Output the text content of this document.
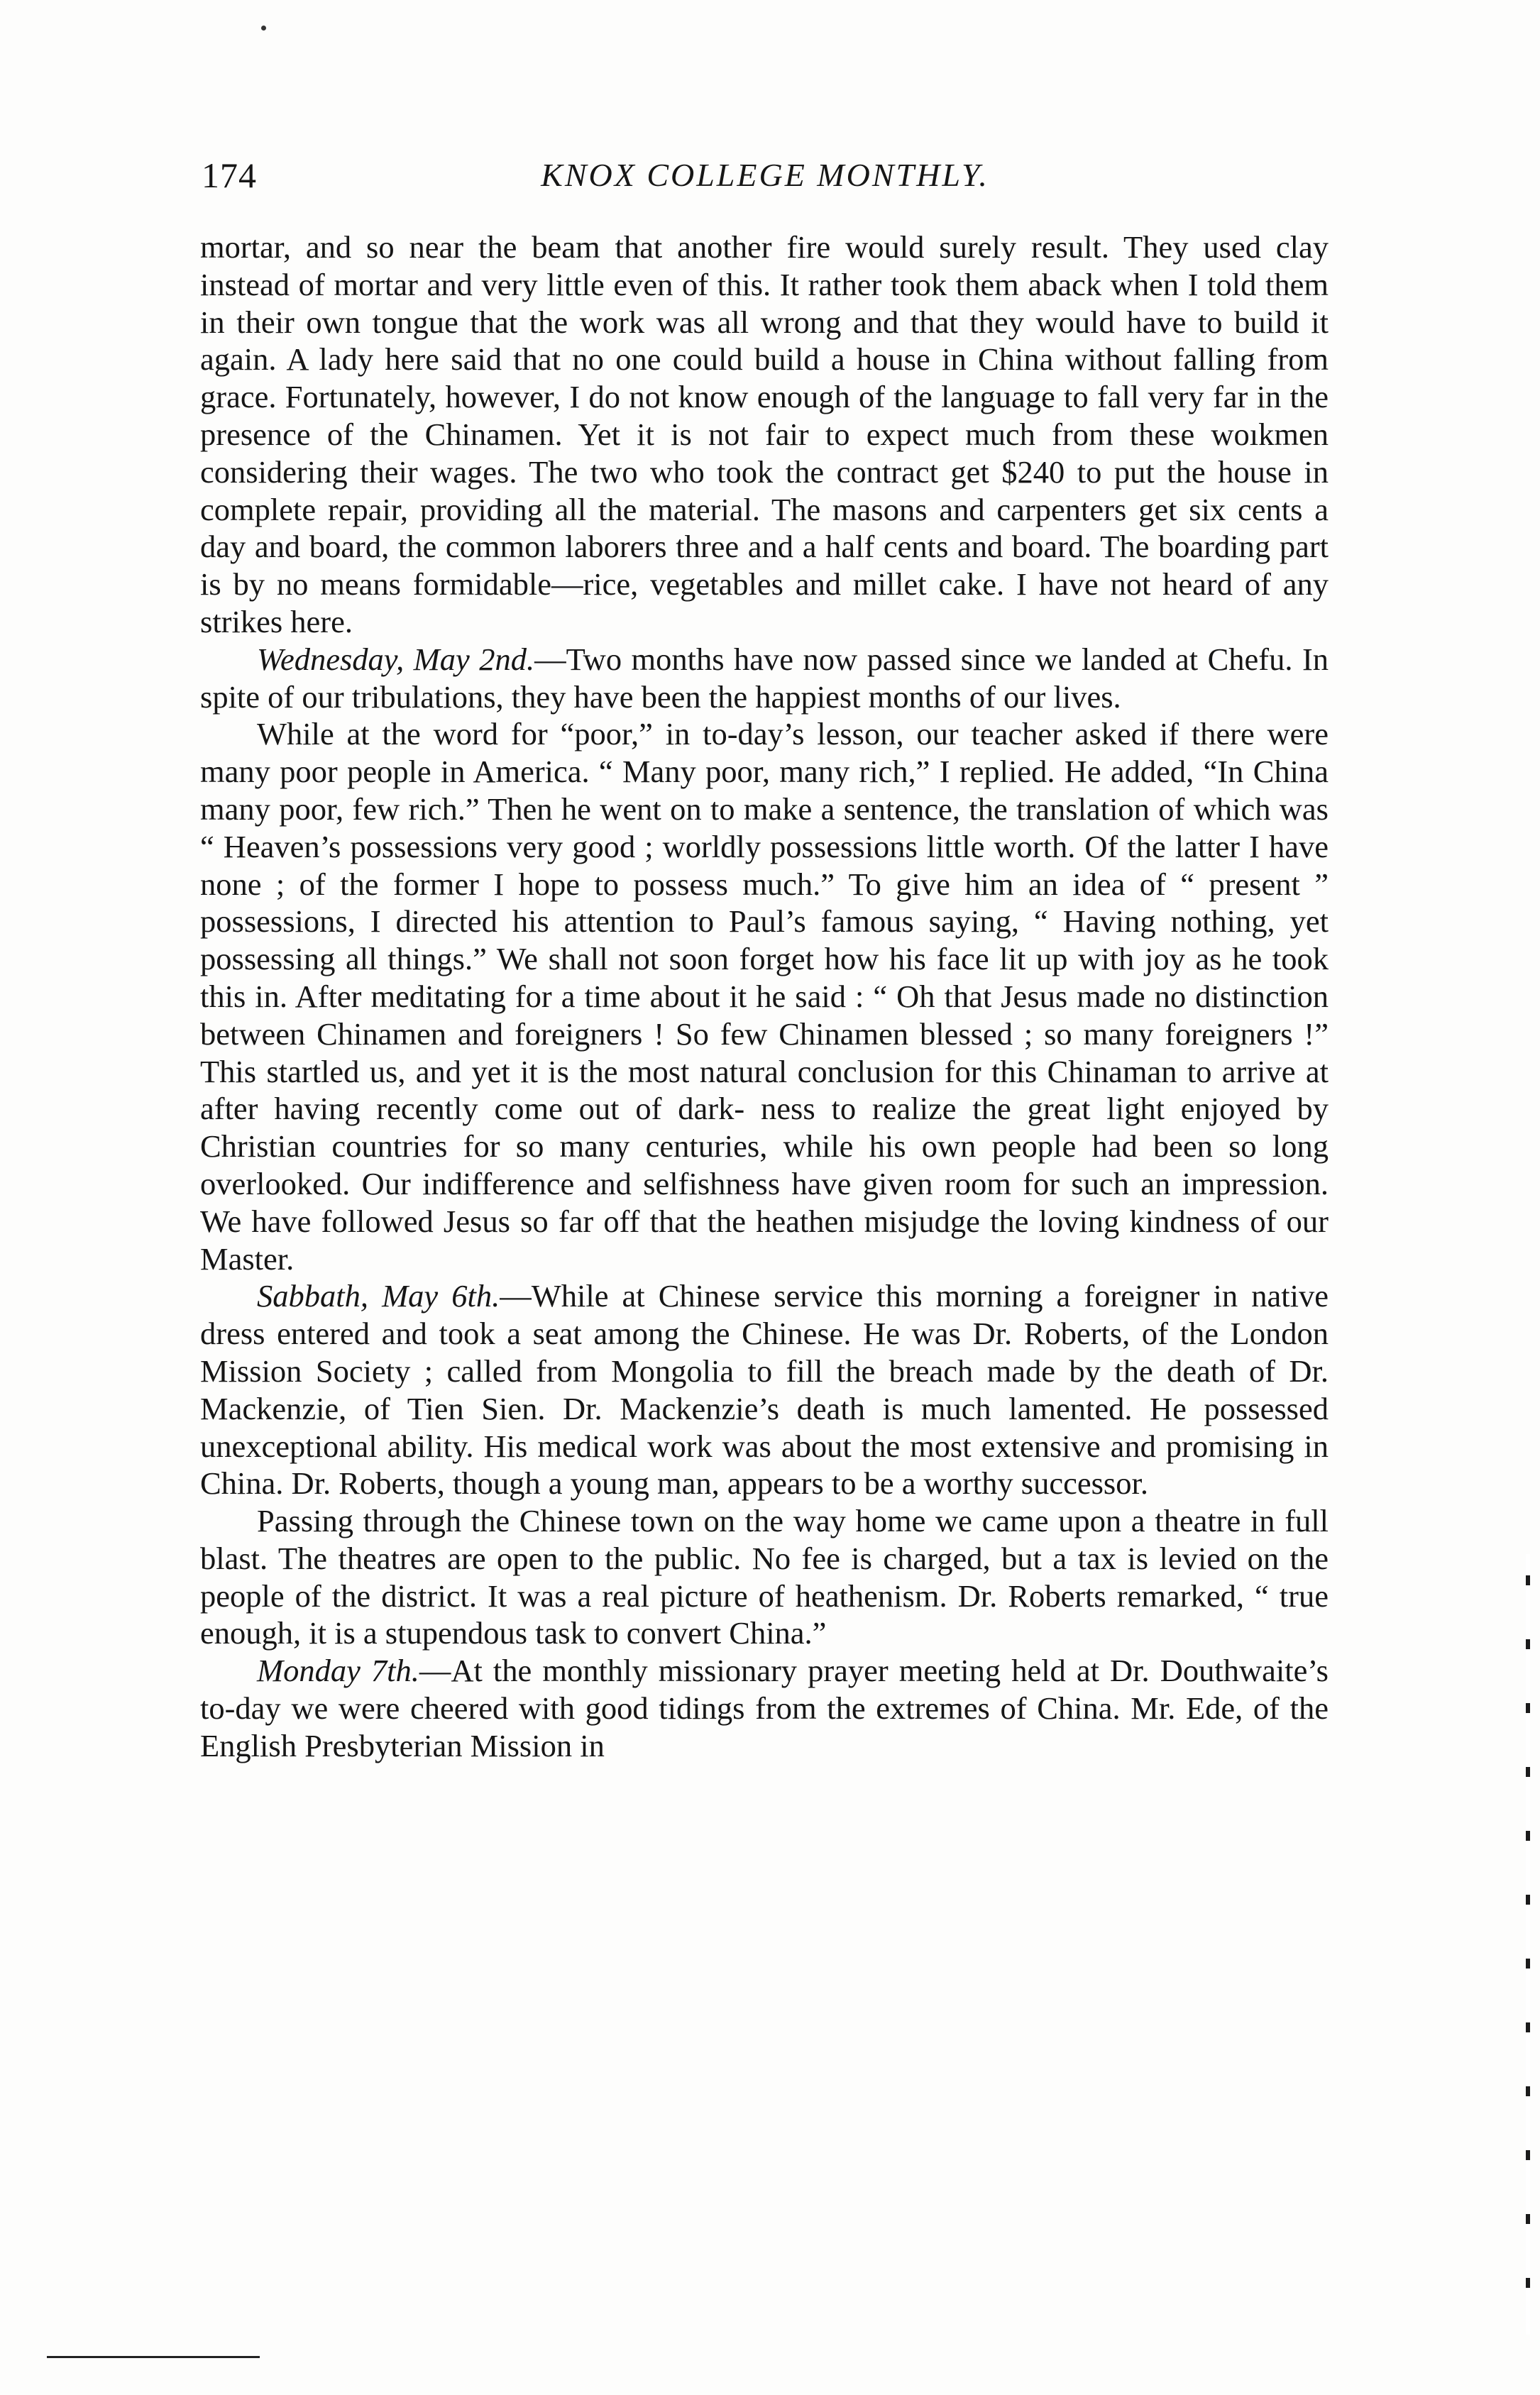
174	KNOX COLLEGE MONTHLY.

mortar, and so near the beam that another fire would surely result. They used clay instead of mortar and very little even of this. It rather took them aback when I told them in their own tongue that the work was all wrong and that they would have to build it again. A lady here said that no one could build a house in China without falling from grace. Fortunately, however, I do not know enough of the language to fall very far in the presence of the Chinamen. Yet it is not fair to expect much from these woıkmen considering their wages. The two who took the contract get $240 to put the house in complete repair, providing all the material. The masons and carpenters get six cents a day and board, the common laborers three and a half cents and board. The boarding part is by no means formidable—rice, vegetables and millet cake. I have not heard of any strikes here.

Wednesday, May 2nd.—Two months have now passed since we landed at Chefu. In spite of our tribulations, they have been the happiest months of our lives.

While at the word for “poor,” in to-day’s lesson, our teacher asked if there were many poor people in America. “ Many poor, many rich,” I replied. He added, “In China many poor, few rich.” Then he went on to make a sentence, the translation of which was “ Heaven’s possessions very good ; worldly possessions little worth. Of the latter I have none ; of the former I hope to possess much.” To give him an idea of “ present ” possessions, I directed his attention to Paul’s famous saying, “ Having nothing, yet possessing all things.” We shall not soon forget how his face lit up with joy as he took this in. After meditating for a time about it he said : “ Oh that Jesus made no distinction between Chinamen and foreigners ! So few Chinamen blessed ; so many foreigners !” This startled us, and yet it is the most natural conclusion for this Chinaman to arrive at after having recently come out of dark- ness to realize the great light enjoyed by Christian countries for so many centuries, while his own people had been so long overlooked. Our indifference and selfishness have given room for such an impression. We have followed Jesus so far off that the heathen misjudge the loving kindness of our Master.

Sabbath, May 6th.—While at Chinese service this morning a foreigner in native dress entered and took a seat among the Chinese. He was Dr. Roberts, of the London Mission Society ; called from Mongolia to fill the breach made by the death of Dr. Mackenzie, of Tien Sien. Dr. Mackenzie’s death is much lamented. He possessed unexceptional ability. His medical work was about the most extensive and promising in China. Dr. Roberts, though a young man, appears to be a worthy successor.

Passing through the Chinese town on the way home we came upon a theatre in full blast. The theatres are open to the public. No fee is charged, but a tax is levied on the people of the district. It was a real picture of heathenism. Dr. Roberts remarked, “ true enough, it is a stupendous task to convert China.”

Monday 7th.—At the monthly missionary prayer meeting held at Dr. Douthwaite’s to-day we were cheered with good tidings from the extremes of China. Mr. Ede, of the English Presbyterian Mission in
